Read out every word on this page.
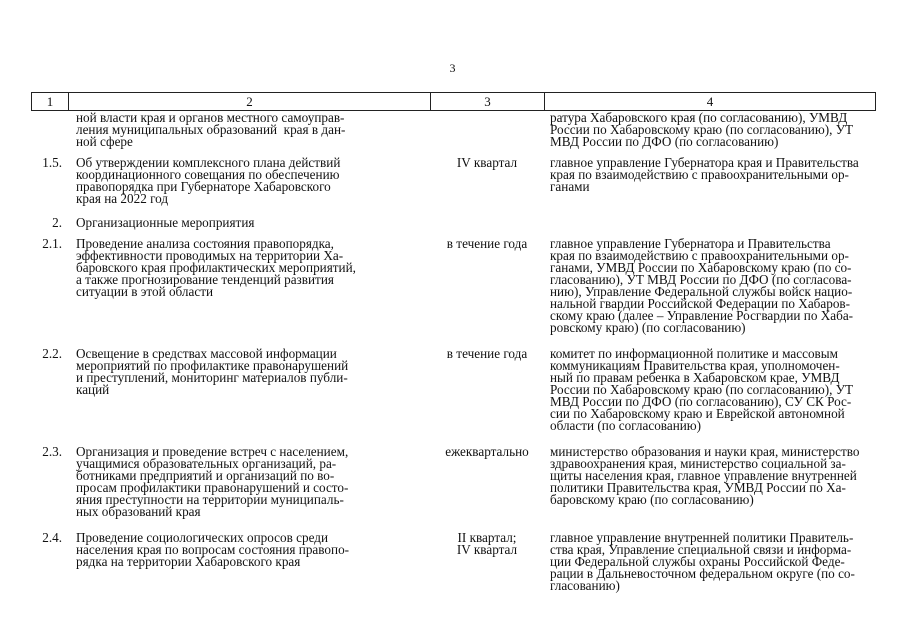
3
1	2	3	4
ной власти края и органов местного самоуправ-
ления муниципальных образований  края в дан-
ной сфере
ратура Хабаровского края (по согласованию), УМВД
России по Хабаровскому краю (по согласованию), УТ
МВД России по ДФО (по согласованию)
1.5.	Об утверждении комплексного плана действий
координационного совещания по обеспечению
правопорядка при Губернаторе Хабаровского
края на 2022 год
IV квартал	главное управление Губернатора края и Правительства
края по взаимодействию с правоохранительными ор-
ганами
2.	Организационные мероприятия
2.1.	Проведение анализа состояния правопорядка,
эффективности проводимых на территории Ха-
баровского края профилактических мероприятий,
а также прогнозирование тенденций развития
ситуации в этой области
в течение года	главное управление Губернатора и Правительства
края по взаимодействию с правоохранительными ор-
ганами, УМВД России по Хабаровскому краю (по со-
гласованию), УТ МВД России по ДФО (по согласова-
нию), Управление Федеральной службы войск нацио-
нальной гвардии Российской Федерации по Хабаров-
скому краю (далее – Управление Росгвардии по Хаба-
ровскому краю) (по согласованию)
2.2.	Освещение в средствах массовой информации
мероприятий по профилактике правонарушений
и преступлений, мониторинг материалов публи-
каций
в течение года	комитет по информационной политике и массовым
коммуникациям Правительства края, уполномочен-
ный по правам ребенка в Хабаровском крае, УМВД
России по Хабаровскому краю (по согласованию), УТ
МВД России по ДФО (по согласованию), СУ СК Рос-
сии по Хабаровскому краю и Еврейской автономной
области (по согласованию)
2.3.	Организация и проведение встреч с населением,
учащимися образовательных организаций, ра-
ботниками предприятий и организаций по во-
просам профилактики правонарушений и состо-
яния преступности на территории муниципаль-
ных образований края
ежеквартально	министерство образования и науки края, министерство
здравоохранения края, министерство социальной за-
щиты населения края, главное управление внутренней
политики Правительства края, УМВД России по Ха-
баровскому краю (по согласованию)
2.4.	Проведение социологических опросов среди
населения края по вопросам состояния правопо-
рядка на территории Хабаровского края
II квартал;
IV квартал
главное управление внутренней политики Правитель-
ства края, Управление специальной связи и информа-
ции Федеральной службы охраны Российской Феде-
рации в Дальневосточном федеральном округе (по со-
гласованию)
